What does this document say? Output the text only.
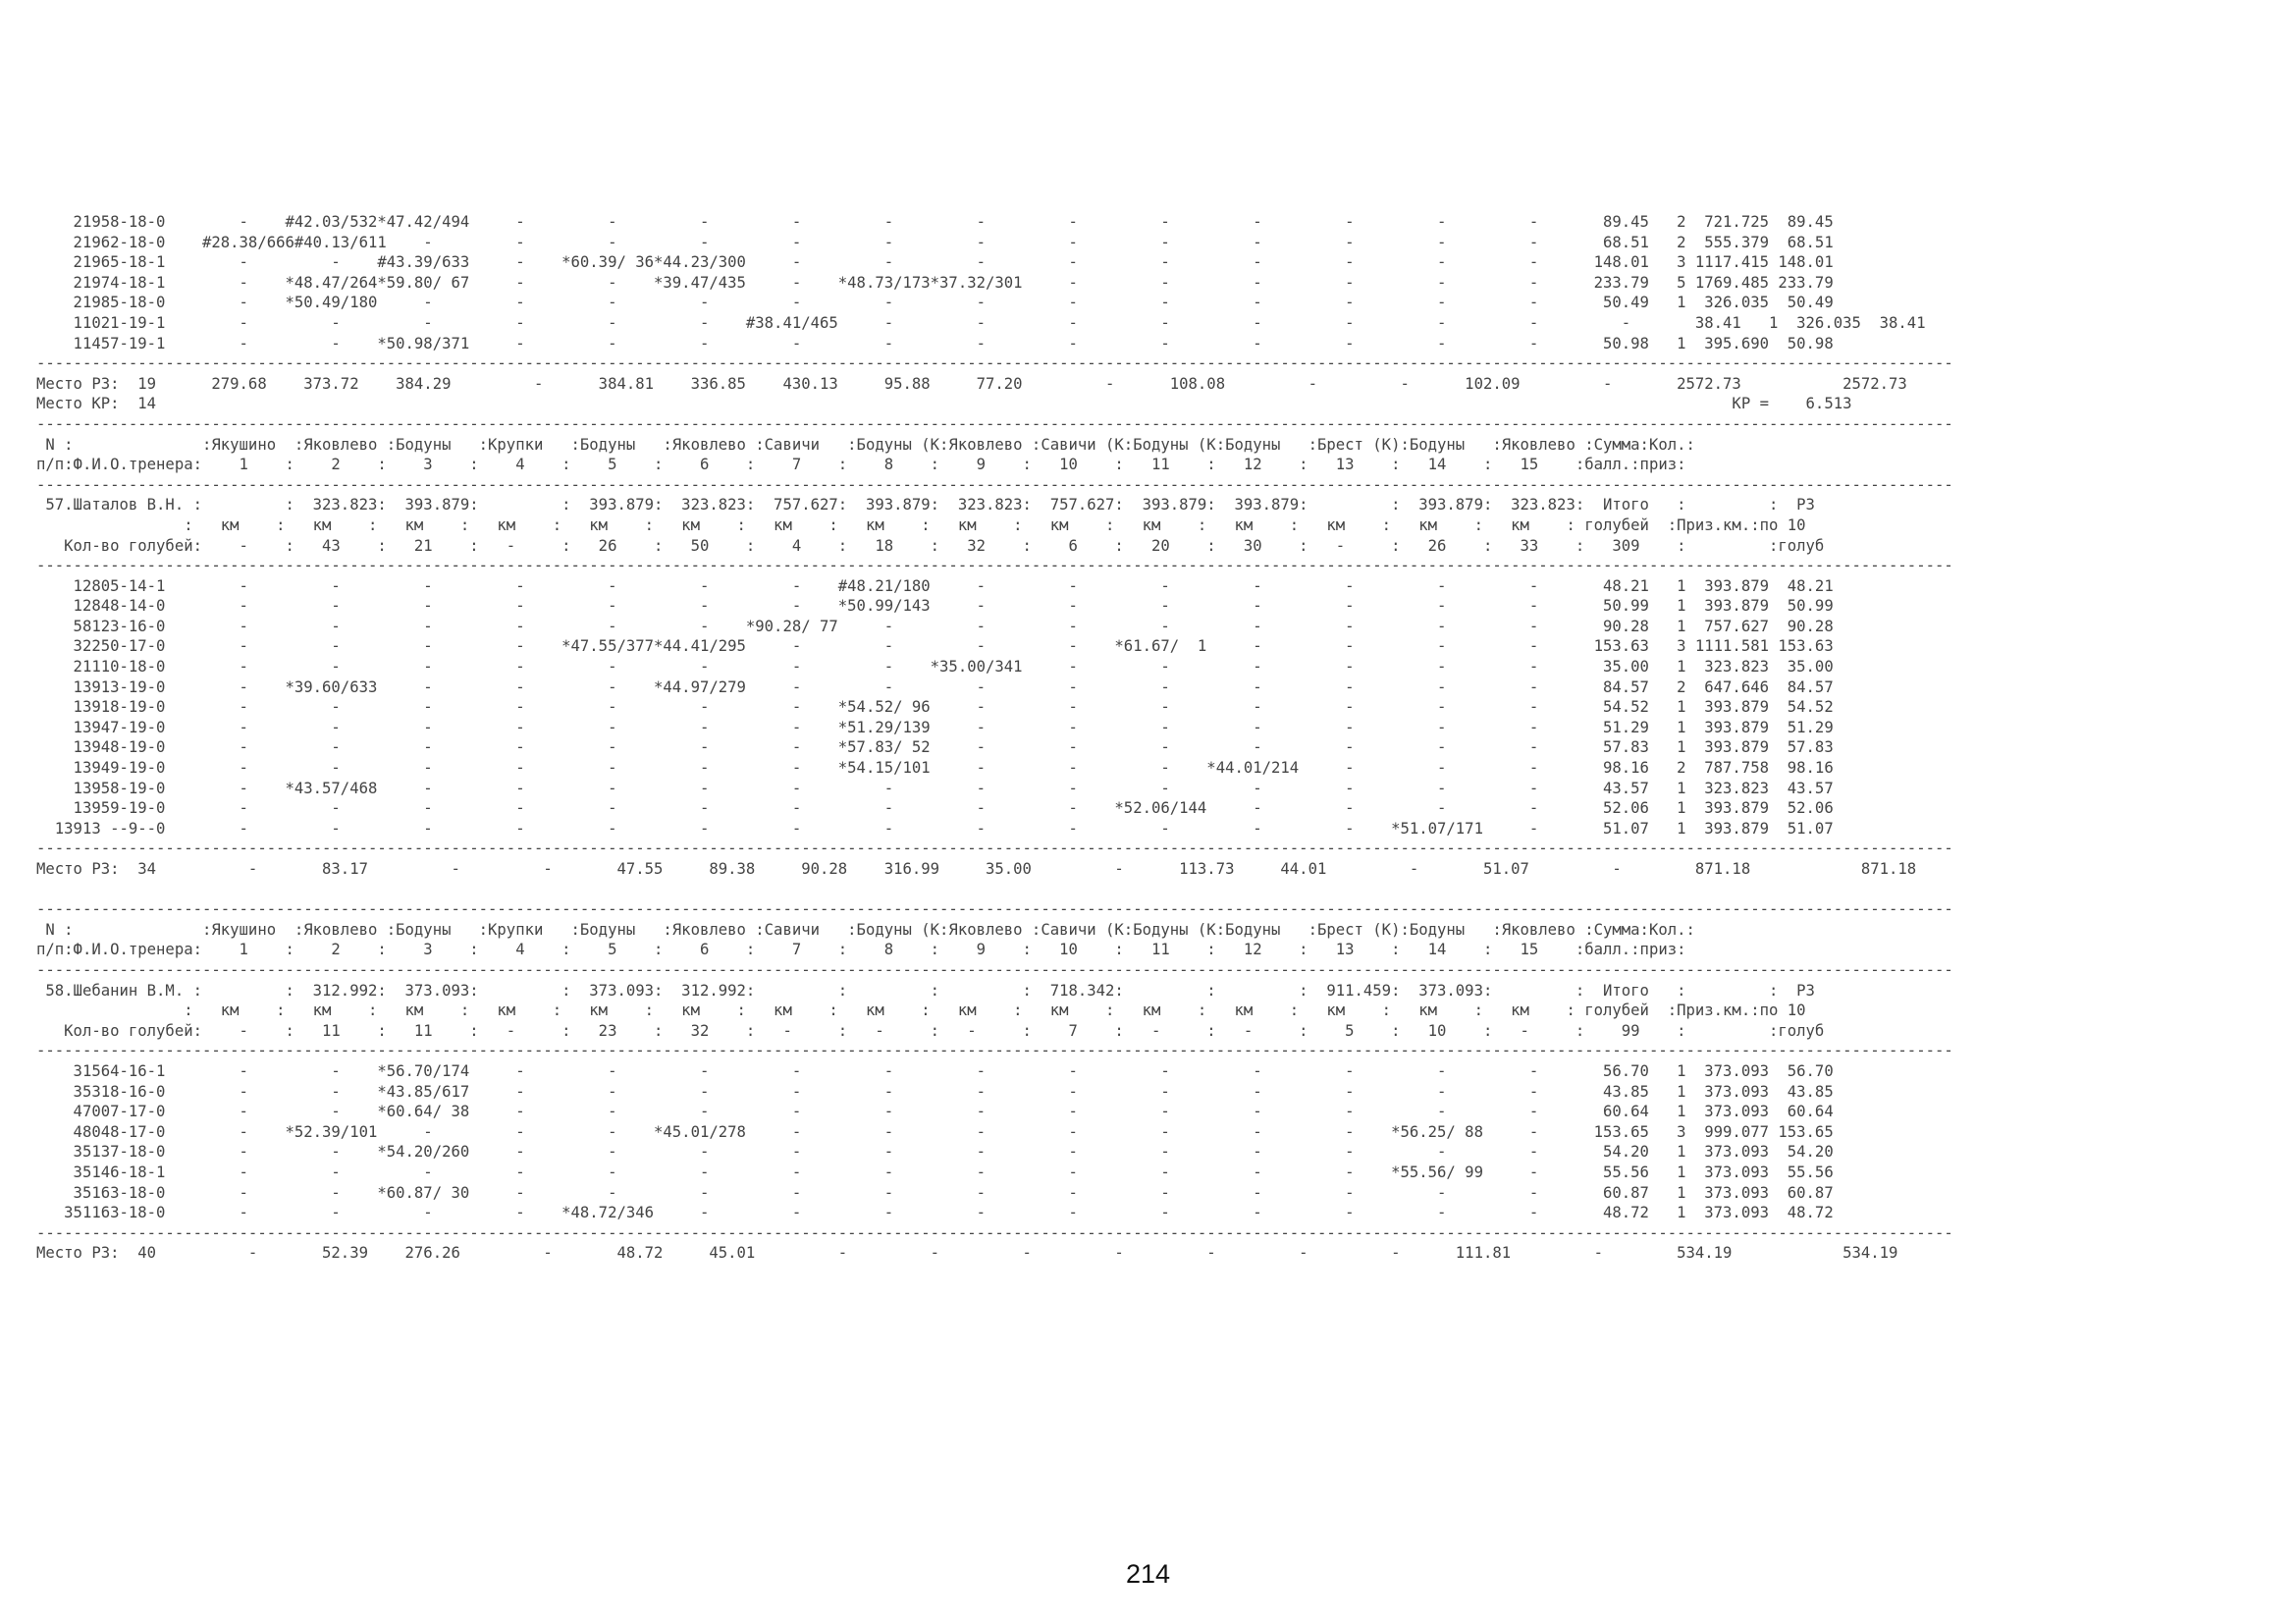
21958-18-0        -    #42.03/532*47.42/494     -         -         -         -         -         -         -         -         -         -         -         -       89.45   2  721.725  89.45
21962-18-0    #28.38/666#40.13/611    -         -         -         -         -         -         -         -         -         -         -         -         -       68.51   2  555.379  68.51
21965-18-1        -         -    #43.39/633     -    *60.39/ 36*44.23/300     -         -         -         -         -         -         -         -         -      148.01   3 1117.415 148.01
21974-18-1        -    *48.47/264*59.80/ 67     -         -    *39.47/435     -    *48.73/173*37.32/301     -         -         -         -         -         -      233.79   5 1769.485 233.79
21985-18-0        -    *50.49/180     -         -         -         -         -         -         -         -         -         -         -         -         -       50.49   1  326.035  50.49
11021-19-1        -         -         -         -         -         -    #38.41/465     -         -         -         -         -         -         -         -         -       38.41   1  326.035  38.41
11457-19-1        -         -    *50.98/371     -         -         -         -         -         -         -         -         -         -         -         -       50.98   1  395.690  50.98
----------------------------------------------------------------------------------------------------------------------------------------------------------------------------------------------------------------
Место РЗ:  19      279.68    373.72    384.29         -      384.81    336.85    430.13     95.88     77.20         -      108.08         -         -      102.09         -       2572.73           2572.73
Место КР:  14                                                                                                                                                                           КР =    6.513
----------------------------------------------------------------------------------------------------------------------------------------------------------------------------------------------------------------
N :              :Якушино  :Яковлево :Бодуны   :Крупки   :Бодуны   :Яковлево :Савичи   :Бодуны (К:Яковлево :Савичи (К:Бодуны (К:Бодуны   :Брест (К):Бодуны   :Яковлево :Сумма:Кол.:
п/п:Ф.И.О.тренера:    1    :    2    :    3    :    4    :    5    :    6    :    7    :    8    :    9    :   10    :   11    :   12    :   13    :   14    :   15    :балл.:приз:
----------------------------------------------------------------------------------------------------------------------------------------------------------------------------------------------------------------
57.Шаталов В.Н. :         :  323.823:  393.879:         :  393.879:  323.823:  757.627:  393.879:  323.823:  757.627:  393.879:  393.879:         :  393.879:  323.823:  Итого   :         :  РЗ
:   км    :   км    :   км    :   км    :   км    :   км    :   км    :   км    :   км    :   км    :   км    :   км    :   км    :   км    :   км    : голубей  :Приз.км.:по 10
Кол-во голубей:    -    :   43    :   21    :   -     :   26    :   50    :    4    :   18    :   32    :    6    :   20    :   30    :   -     :   26    :   33    :   309    :         :голуб
----------------------------------------------------------------------------------------------------------------------------------------------------------------------------------------------------------------
12805-14-1        -         -         -         -         -         -         -    #48.21/180     -         -         -         -         -         -         -       48.21   1  393.879  48.21
12848-14-0        -         -         -         -         -         -         -    *50.99/143     -         -         -         -         -         -         -       50.99   1  393.879  50.99
58123-16-0        -         -         -         -         -         -    *90.28/ 77     -         -         -         -         -         -         -         -       90.28   1  757.627  90.28
32250-17-0        -         -         -         -    *47.55/377*44.41/295     -         -         -         -    *61.67/  1     -         -         -         -      153.63   3 1111.581 153.63
21110-18-0        -         -         -         -         -         -         -         -    *35.00/341     -         -         -         -         -         -       35.00   1  323.823  35.00
13913-19-0        -    *39.60/633     -         -         -    *44.97/279     -         -         -         -         -         -         -         -         -       84.57   2  647.646  84.57
13918-19-0        -         -         -         -         -         -         -    *54.52/ 96     -         -         -         -         -         -         -       54.52   1  393.879  54.52
13947-19-0        -         -         -         -         -         -         -    *51.29/139     -         -         -         -         -         -         -       51.29   1  393.879  51.29
13948-19-0        -         -         -         -         -         -         -    *57.83/ 52     -         -         -         -         -         -         -       57.83   1  393.879  57.83
13949-19-0        -         -         -         -         -         -         -    *54.15/101     -         -         -    *44.01/214     -         -         -       98.16   2  787.758  98.16
13958-19-0        -    *43.57/468     -         -         -         -         -         -         -         -         -         -         -         -         -       43.57   1  323.823  43.57
13959-19-0        -         -         -         -         -         -         -         -         -         -    *52.06/144     -         -         -         -       52.06   1  393.879  52.06
13913 --9--0        -         -         -         -         -         -         -         -         -         -         -         -         -    *51.07/171     -       51.07   1  393.879  51.07
----------------------------------------------------------------------------------------------------------------------------------------------------------------------------------------------------------------
Место РЗ:  34          -       83.17         -         -       47.55     89.38     90.28    316.99     35.00         -      113.73     44.01         -       51.07         -        871.18            871.18
----------------------------------------------------------------------------------------------------------------------------------------------------------------------------------------------------------------
N :              :Якушино  :Яковлево :Бодуны   :Крупки   :Бодуны   :Яковлево :Савичи   :Бодуны (К:Яковлево :Савичи (К:Бодуны (К:Бодуны   :Брест (К):Бодуны   :Яковлево :Сумма:Кол.:
п/п:Ф.И.О.тренера:    1    :    2    :    3    :    4    :    5    :    6    :    7    :    8    :    9    :   10    :   11    :   12    :   13    :   14    :   15    :балл.:приз:
----------------------------------------------------------------------------------------------------------------------------------------------------------------------------------------------------------------
58.Шебанин В.М. :         :  312.992:  373.093:         :  373.093:  312.992:         :         :         :  718.342:         :         :  911.459:  373.093:         :  Итого   :         :  РЗ
:   км    :   км    :   км    :   км    :   км    :   км    :   км    :   км    :   км    :   км    :   км    :   км    :   км    :   км    :   км    : голубей  :Приз.км.:по 10
Кол-во голубей:    -    :   11    :   11    :   -     :   23    :   32    :   -     :   -     :   -     :    7    :   -     :   -     :    5    :   10    :   -     :    99    :         :голуб
----------------------------------------------------------------------------------------------------------------------------------------------------------------------------------------------------------------
31564-16-1        -         -    *56.70/174     -         -         -         -         -         -         -         -         -         -         -         -       56.70   1  373.093  56.70
35318-16-0        -         -    *43.85/617     -         -         -         -         -         -         -         -         -         -         -         -       43.85   1  373.093  43.85
47007-17-0        -         -    *60.64/ 38     -         -         -         -         -         -         -         -         -         -         -         -       60.64   1  373.093  60.64
48048-17-0        -    *52.39/101     -         -         -    *45.01/278     -         -         -         -         -         -         -    *56.25/ 88     -      153.65   3  999.077 153.65
35137-18-0        -         -    *54.20/260     -         -         -         -         -         -         -         -         -         -         -         -       54.20   1  373.093  54.20
35146-18-1        -         -         -         -         -         -         -         -         -         -         -         -         -    *55.56/ 99     -       55.56   1  373.093  55.56
35163-18-0        -         -    *60.87/ 30     -         -         -         -         -         -         -         -         -         -         -         -       60.87   1  373.093  60.87
351163-18-0        -         -         -         -    *48.72/346     -         -         -         -         -         -         -         -         -         -       48.72   1  373.093  48.72
----------------------------------------------------------------------------------------------------------------------------------------------------------------------------------------------------------------
Место РЗ:  40          -       52.39    276.26         -       48.72     45.01         -         -         -         -         -         -         -      111.81         -        534.19            534.19
214
